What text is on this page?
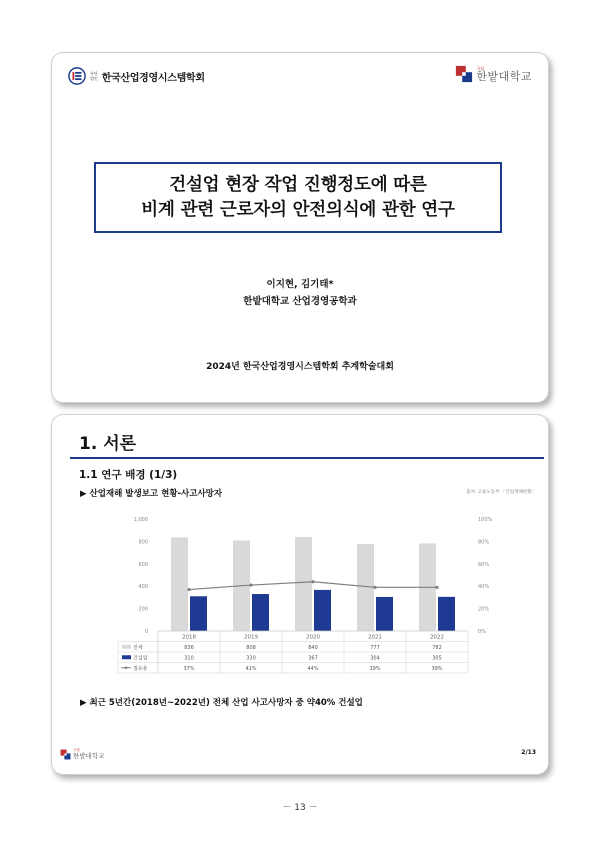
사단
법인 한국산업경영시스템학회
국립
한밭대학교
건설업 현장 작업 진행정도에 따른
비계 관련 근로자의 안전의식에 관한 연구
이지현, 김기태*
한밭대학교 산업경영공학과
2024년 한국산업경영시스템학회 추계학술대회
1. 서론
1.1 연구 배경 (1/3)
▶ 산업재해 발생보고 현황-사고사망자	출처: 고용노동부 「산업재해현황」
0
200
400
600
800
1,000
0%
20%
40%
60%
80%
100%
2018	2019	2020	2021	2022
전체	836	808	840	777	782
건설업	310	330	367	304	305
점유율	37%	41%	44%	39%	39%
▶ 최근 5년간(2018년~2022년) 전체 산업 사고사망자 중 약40% 건설업
국립
한밭대학교	2/13
－ 13 －
